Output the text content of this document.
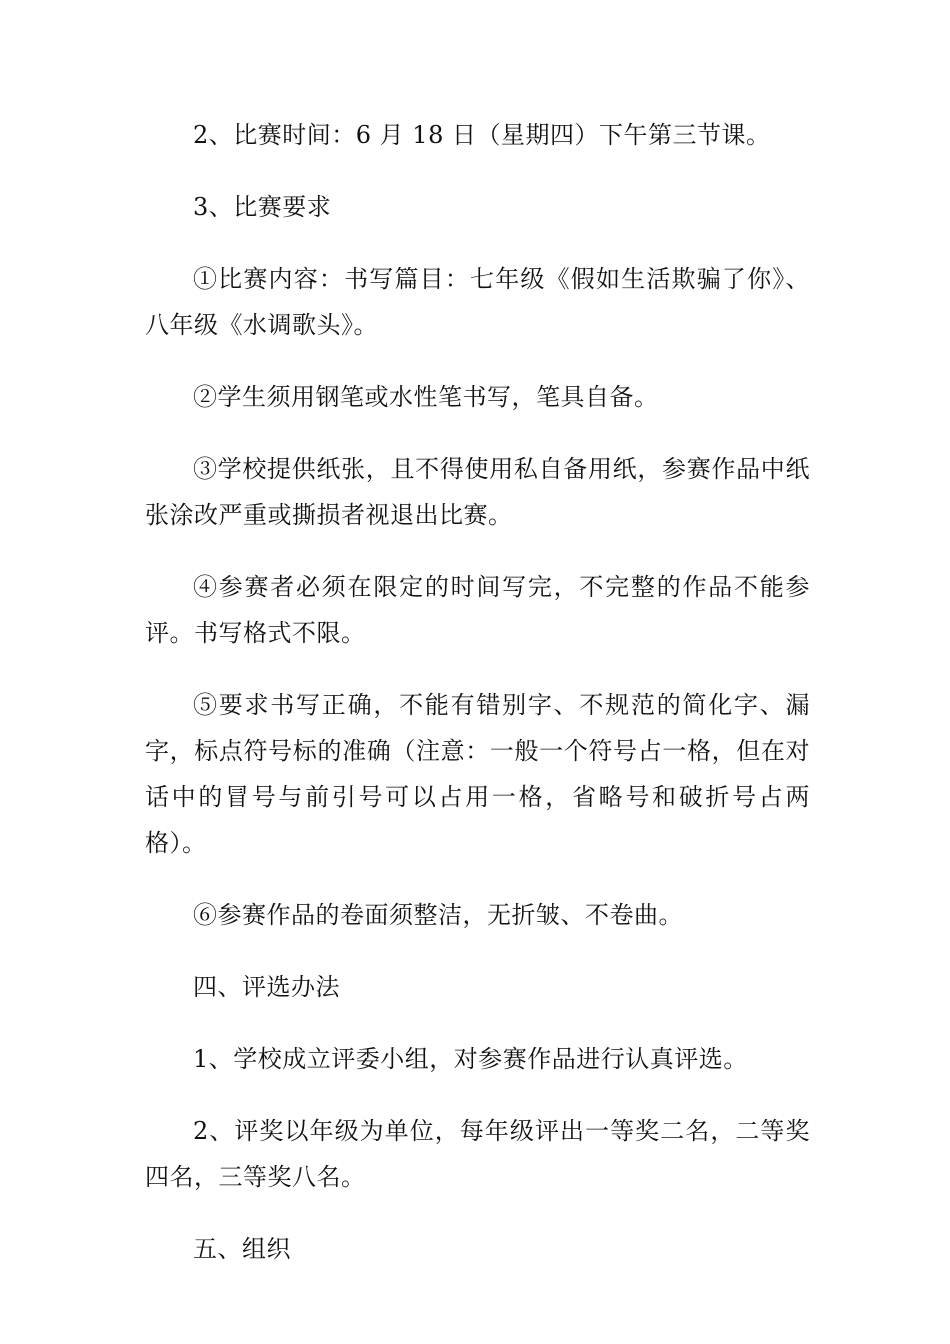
2、比赛时间：6 月 18 日（星期四）下午第三节课。

3、比赛要求

①比赛内容：书写篇目：七年级《假如生活欺骗了你》、八年级《水调歌头》。

②学生须用钢笔或水性笔书写，笔具自备。

③学校提供纸张，且不得使用私自备用纸，参赛作品中纸张涂改严重或撕损者视退出比赛。

④参赛者必须在限定的时间写完，不完整的作品不能参评。书写格式不限。

⑤要求书写正确，不能有错别字、不规范的简化字、漏字，标点符号标的准确（注意：一般一个符号占一格，但在对话中的冒号与前引号可以占用一格，省略号和破折号占两格）。

⑥参赛作品的卷面须整洁，无折皱、不卷曲。

四、评选办法

1、学校成立评委小组，对参赛作品进行认真评选。

2、评奖以年级为单位，每年级评出一等奖二名，二等奖四名，三等奖八名。

五、组织
